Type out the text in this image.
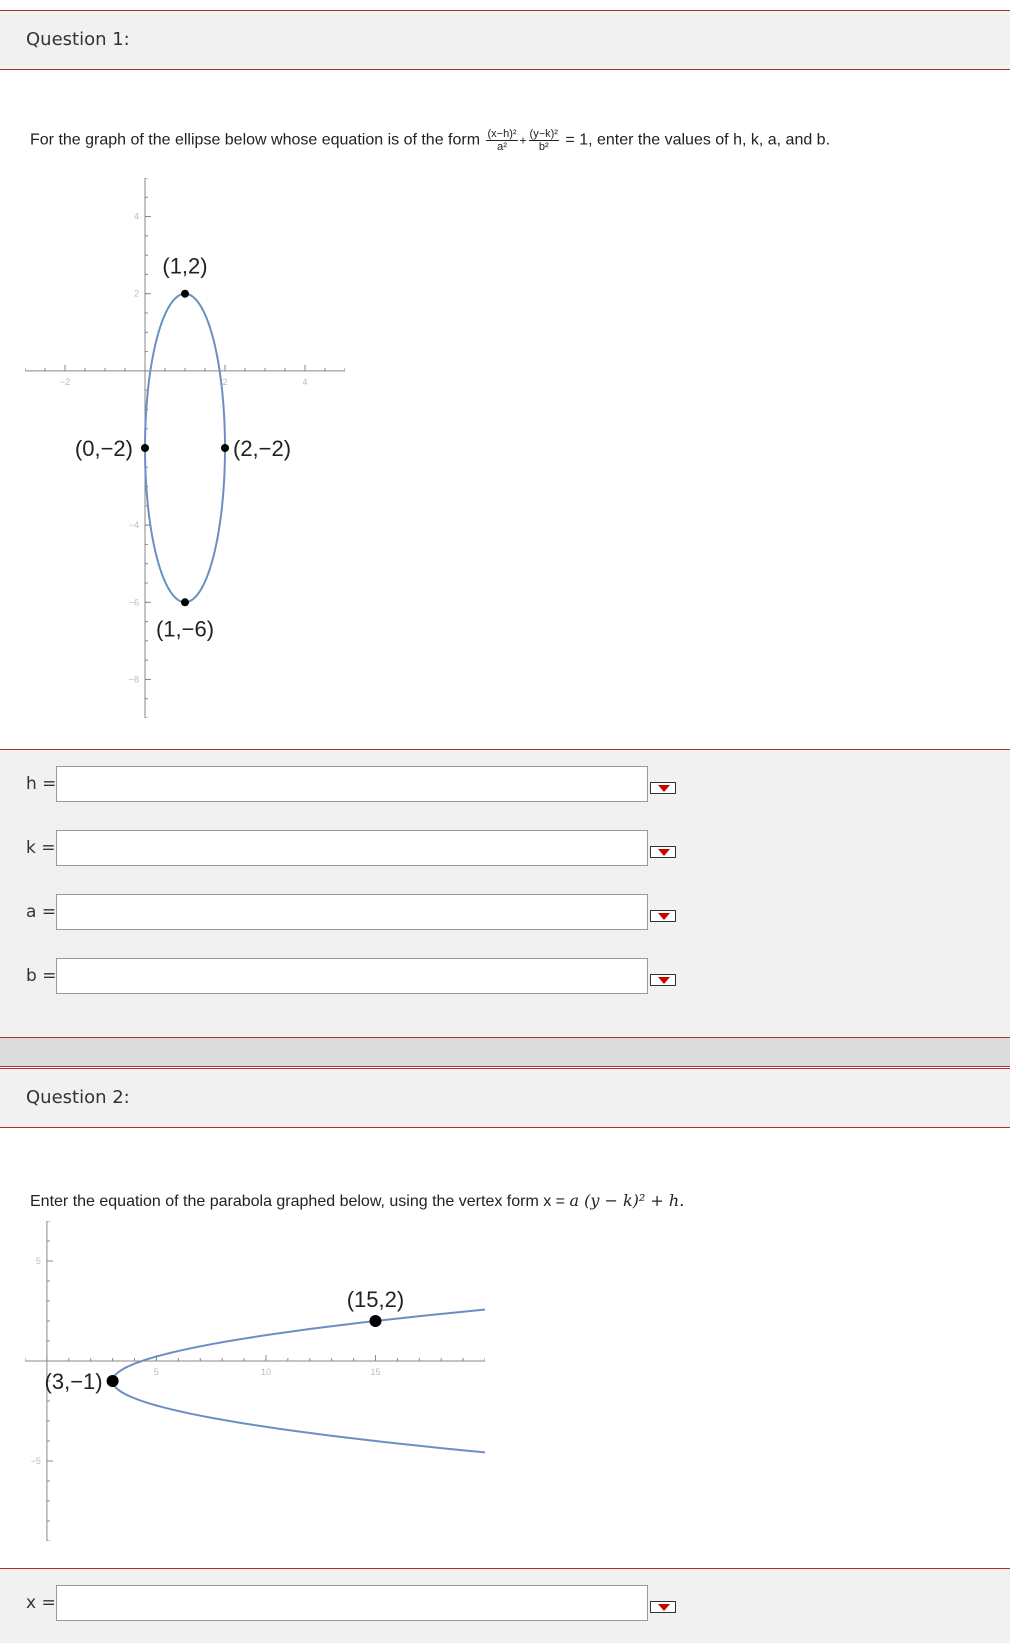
Question 1:
For the graph of the ellipse below whose equation is of the form $\frac{\text{(x−h)²}}{\text{a²}} + \frac{\text{(y−k)²}}{\text{b²}} = 1$, enter the values of h, k, a, and b.
−2	2	4
4
2
−4
−6
−8
(1,2)
(0,−2)	(2,−2)
(1,−6)
h =
k =
a =
b =
Question 2:
Enter the equation of the parabola graphed below, using the vertex form x = a (y − k)² + h.
5	10	15
5
−5
(3,−1)
(15,2)
x =
